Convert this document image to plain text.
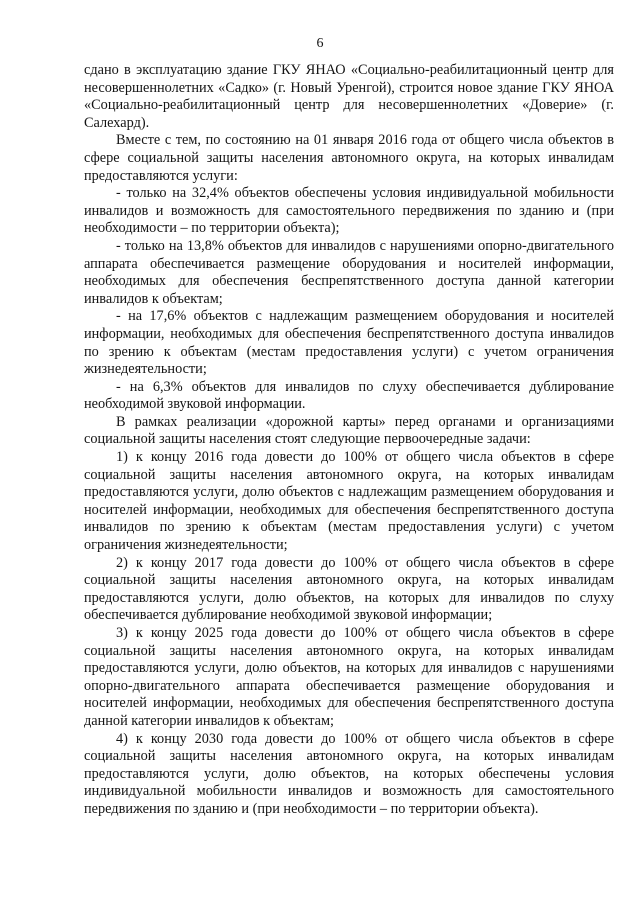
6

сдано в эксплуатацию здание ГКУ ЯНАО «Социально-реабилитационный центр для несовершеннолетних «Садко» (г. Новый Уренгой), строится новое здание ГКУ ЯНОА «Социально-реабилитационный центр для несовершеннолетних «Доверие» (г. Салехард).

Вместе с тем, по состоянию на 01 января 2016 года от общего числа объектов в сфере социальной защиты населения автономного округа, на которых инвалидам предоставляются услуги:

- только на 32,4% объектов обеспечены условия индивидуальной мобильности инвалидов и возможность для самостоятельного передвижения по зданию и (при необходимости – по территории объекта);

- только на 13,8% объектов для инвалидов с нарушениями опорно-двигательного аппарата обеспечивается размещение оборудования и носителей информации, необходимых для обеспечения беспрепятственного доступа данной категории инвалидов к объектам;

- на 17,6% объектов с надлежащим размещением оборудования и носителей информации, необходимых для обеспечения беспрепятственного доступа инвалидов по зрению к объектам (местам предоставления услуги) с учетом ограничения жизнедеятельности;

- на 6,3% объектов для инвалидов по слуху обеспечивается дублирование необходимой звуковой информации.

В рамках реализации «дорожной карты» перед органами и организациями социальной защиты населения стоят следующие первоочередные задачи:

1) к концу 2016 года довести до 100% от общего числа объектов в сфере социальной защиты населения автономного округа, на которых инвалидам предоставляются услуги, долю объектов с надлежащим размещением оборудования и носителей информации, необходимых для обеспечения беспрепятственного доступа инвалидов по зрению к объектам (местам предоставления услуги) с учетом ограничения жизнедеятельности;

2) к концу 2017 года довести до 100% от общего числа объектов в сфере социальной защиты населения автономного округа, на которых инвалидам предоставляются услуги, долю объектов, на которых для инвалидов по слуху обеспечивается дублирование необходимой звуковой информации;

3) к концу 2025 года довести до 100% от общего числа объектов в сфере социальной защиты населения автономного округа, на которых инвалидам предоставляются услуги, долю объектов, на которых для инвалидов с нарушениями опорно-двигательного аппарата обеспечивается размещение оборудования и носителей информации, необходимых для обеспечения беспрепятственного доступа данной категории инвалидов к объектам;

4) к концу 2030 года довести до 100% от общего числа объектов в сфере социальной защиты населения автономного округа, на которых инвалидам предоставляются услуги, долю объектов, на которых обеспечены условия индивидуальной мобильности инвалидов и возможность для самостоятельного передвижения по зданию и (при необходимости – по территории объекта).
